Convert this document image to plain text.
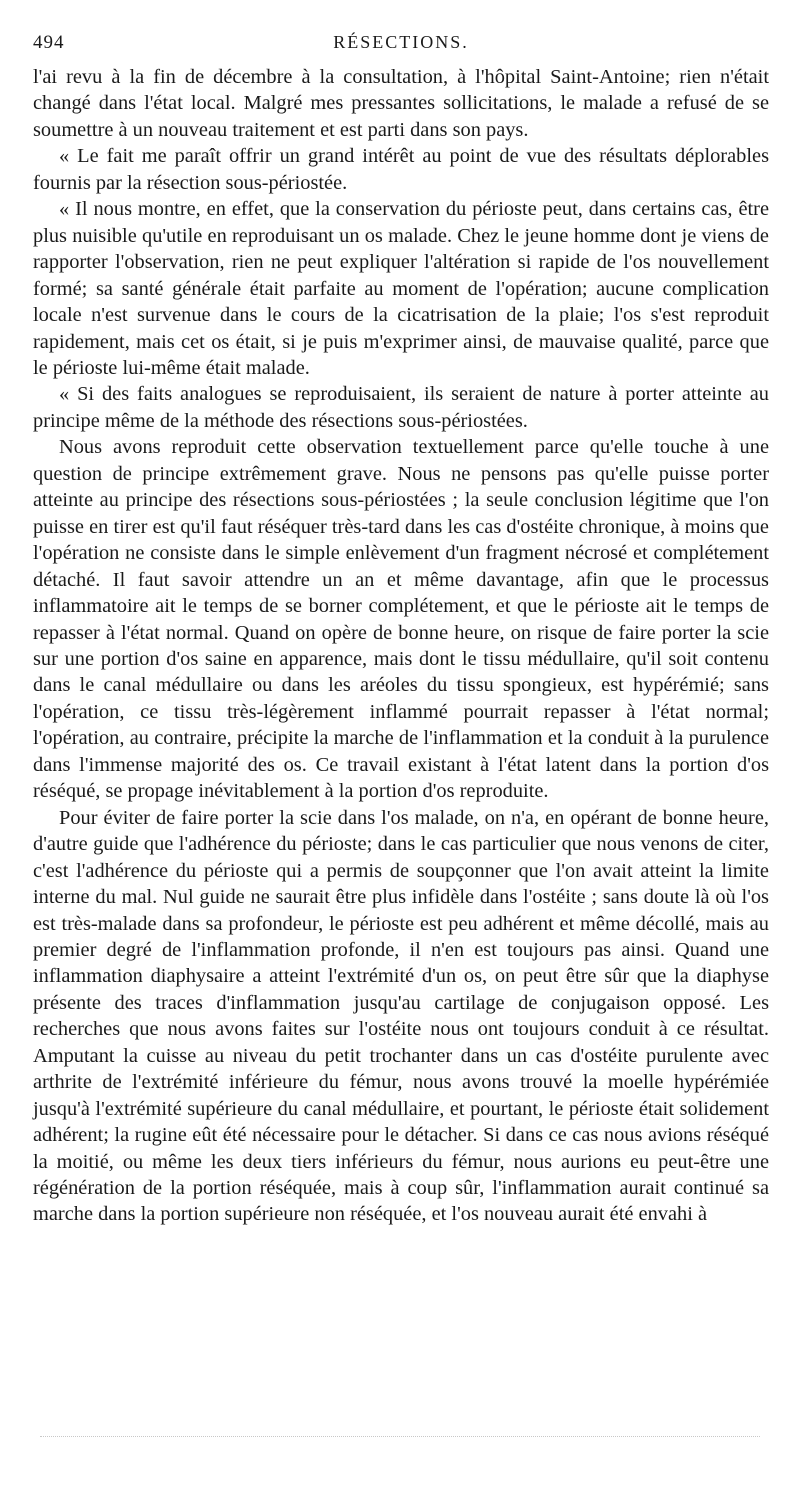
494	RÉSECTIONS.

l'ai revu à la fin de décembre à la consultation, à l'hôpital Saint-Antoine; rien n'était changé dans l'état local. Malgré mes pressantes sollicitations, le malade a refusé de se soumettre à un nouveau traitement et est parti dans son pays.

« Le fait me paraît offrir un grand intérêt au point de vue des résultats déplorables fournis par la résection sous-périostée.

« Il nous montre, en effet, que la conservation du périoste peut, dans certains cas, être plus nuisible qu'utile en reproduisant un os malade. Chez le jeune homme dont je viens de rapporter l'observation, rien ne peut expliquer l'altération si rapide de l'os nouvellement formé; sa santé générale était parfaite au moment de l'opération; aucune complication locale n'est survenue dans le cours de la cicatrisation de la plaie; l'os s'est reproduit rapidement, mais cet os était, si je puis m'exprimer ainsi, de mauvaise qualité, parce que le périoste lui-même était malade.

« Si des faits analogues se reproduisaient, ils seraient de nature à porter atteinte au principe même de la méthode des résections sous-périostées.

Nous avons reproduit cette observation textuellement parce qu'elle touche à une question de principe extrêmement grave. Nous ne pensons pas qu'elle puisse porter atteinte au principe des résections sous-périostées ; la seule conclusion légitime que l'on puisse en tirer est qu'il faut réséquer très-tard dans les cas d'ostéite chronique, à moins que l'opération ne consiste dans le simple enlèvement d'un fragment nécrosé et complétement détaché. Il faut savoir attendre un an et même davantage, afin que le processus inflammatoire ait le temps de se borner complétement, et que le périoste ait le temps de repasser à l'état normal. Quand on opère de bonne heure, on risque de faire porter la scie sur une portion d'os saine en apparence, mais dont le tissu médullaire, qu'il soit contenu dans le canal médullaire ou dans les aréoles du tissu spongieux, est hypérémié; sans l'opération, ce tissu très-légèrement inflammé pourrait repasser à l'état normal; l'opération, au contraire, précipite la marche de l'inflammation et la conduit à la purulence dans l'immense majorité des os. Ce travail existant à l'état latent dans la portion d'os réséqué, se propage inévitablement à la portion d'os reproduite.

Pour éviter de faire porter la scie dans l'os malade, on n'a, en opérant de bonne heure, d'autre guide que l'adhérence du périoste; dans le cas particulier que nous venons de citer, c'est l'adhérence du périoste qui a permis de soupçonner que l'on avait atteint la limite interne du mal. Nul guide ne saurait être plus infidèle dans l'ostéite ; sans doute là où l'os est très-malade dans sa profondeur, le périoste est peu adhérent et même décollé, mais au premier degré de l'inflammation profonde, il n'en est toujours pas ainsi. Quand une inflammation diaphysaire a atteint l'extrémité d'un os, on peut être sûr que la diaphyse présente des traces d'inflammation jusqu'au cartilage de conjugaison opposé. Les recherches que nous avons faites sur l'ostéite nous ont toujours conduit à ce résultat. Amputant la cuisse au niveau du petit trochanter dans un cas d'ostéite purulente avec arthrite de l'extrémité inférieure du fémur, nous avons trouvé la moelle hypérémiée jusqu'à l'extrémité supérieure du canal médullaire, et pourtant, le périoste était solidement adhérent; la rugine eût été nécessaire pour le détacher. Si dans ce cas nous avions réséqué la moitié, ou même les deux tiers inférieurs du fémur, nous aurions eu peut-être une régénération de la portion réséquée, mais à coup sûr, l'inflammation aurait continué sa marche dans la portion supérieure non réséquée, et l'os nouveau aurait été envahi à
